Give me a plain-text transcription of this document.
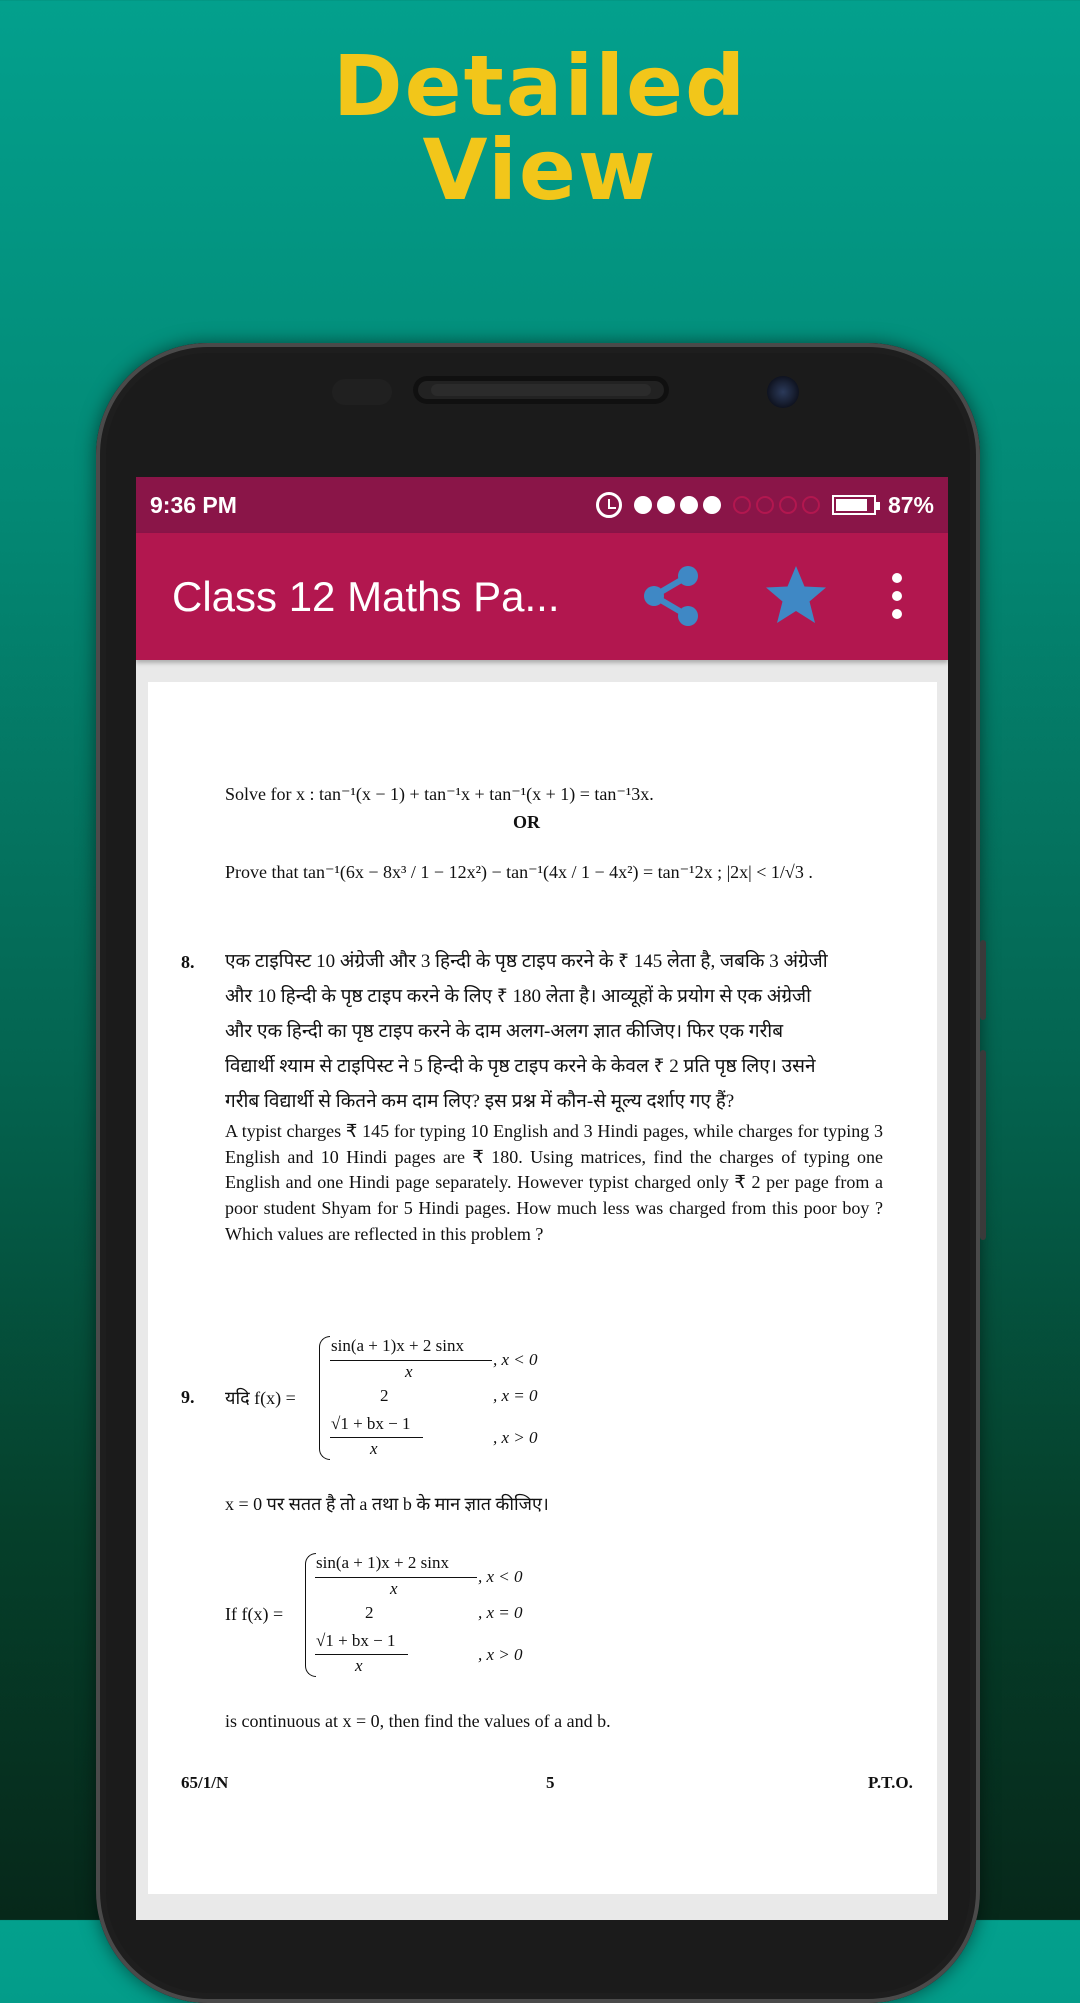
Detailed
View
9:36 PM	87%
Class 12 Maths Pa...
Solve for x : tan⁻¹(x − 1) + tan⁻¹x + tan⁻¹(x + 1) = tan⁻¹3x.
OR
Prove that tan⁻¹(6x − 8x³ / 1 − 12x²) − tan⁻¹(4x / 1 − 4x²) = tan⁻¹2x ; |2x| < 1/√3 .
8. एक टाइपिस्ट 10 अंग्रेजी और 3 हिन्दी के पृष्ठ टाइप करने के ₹ 145 लेता है, जबकि 3 अंग्रेजी
और 10 हिन्दी के पृष्ठ टाइप करने के लिए ₹ 180 लेता है। आव्यूहों के प्रयोग से एक अंग्रेजी
और एक हिन्दी का पृष्ठ टाइप करने के दाम अलग-अलग ज्ञात कीजिए। फिर एक गरीब
विद्यार्थी श्याम से टाइपिस्ट ने 5 हिन्दी के पृष्ठ टाइप करने के केवल ₹ 2 प्रति पृष्ठ लिए। उसने
गरीब विद्यार्थी से कितने कम दाम लिए? इस प्रश्न में कौन-से मूल्य दर्शाए गए हैं?
A typist charges ₹ 145 for typing 10 English and 3 Hindi pages, while charges for typing 3 English and 10 Hindi pages are ₹ 180. Using matrices, find the charges of typing one English and one Hindi page separately. However typist charged only ₹ 2 per page from a poor student Shyam for 5 Hindi pages. How much less was charged from this poor boy ? Which values are reflected in this problem ?
9. यदि f(x) =
sin(a + 1)x + 2 sinx
x
, x < 0
2	, x = 0
√1 + bx − 1
x
, x > 0
x = 0 पर सतत है तो a तथा b के मान ज्ञात कीजिए।
If f(x) =
sin(a + 1)x + 2 sinx
x
, x < 0
2	, x = 0
√1 + bx − 1
x
, x > 0
is continuous at x = 0, then find the values of a and b.
65/1/N	5	P.T.O.
